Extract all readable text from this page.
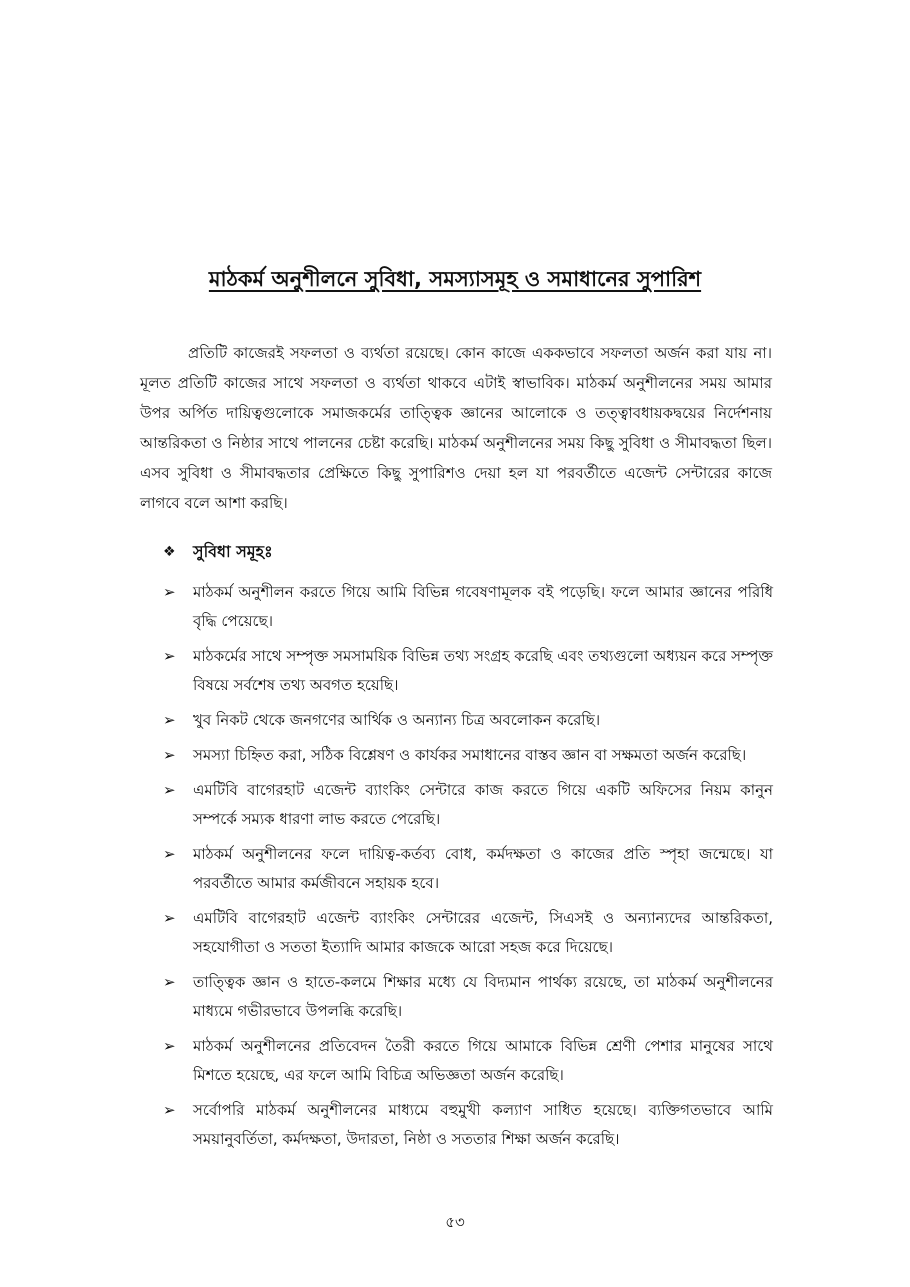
মাঠকর্ম অনুশীলনে সুবিধা, সমস্যাসমূহ ও সমাধানের সুপারিশ

প্রতিটি কাজেরই সফলতা ও ব্যর্থতা রয়েছে। কোন কাজে এককভাবে সফলতা অর্জন করা যায় না। মূলত প্রতিটি কাজের সাথে সফলতা ও ব্যর্থতা থাকবে এটাই স্বাভাবিক। মাঠকর্ম অনুশীলনের সময় আমার উপর অর্পিত দায়িত্বগুলোকে সমাজকর্মের তাত্ত্বিক জ্ঞানের আলোকে ও তত্ত্বাবধায়কদ্বয়ের নির্দেশনায় আন্তরিকতা ও নিষ্ঠার সাথে পালনের চেষ্টা করেছি। মাঠকর্ম অনুশীলনের সময় কিছু সুবিধা ও সীমাবদ্ধতা ছিল। এসব সুবিধা ও সীমাবদ্ধতার প্রেক্ষিতে কিছু সুপারিশও দেয়া হল যা পরবর্তীতে এজেন্ট সেন্টারের কাজে লাগবে বলে আশা করছি।

❖	সুবিধা সমূহঃ
➢	মাঠকর্ম অনুশীলন করতে গিয়ে আমি বিভিন্ন গবেষণামূলক বই পড়েছি। ফলে আমার জ্ঞানের পরিধি বৃদ্ধি পেয়েছে।
➢	মাঠকর্মের সাথে সম্পৃক্ত সমসাময়িক বিভিন্ন তথ্য সংগ্রহ করেছি এবং তথ্যগুলো অধ্যয়ন করে সম্পৃক্ত বিষয়ে সর্বশেষ তথ্য অবগত হয়েছি।
➢	খুব নিকট থেকে জনগণের আর্থিক ও অন্যান্য চিত্র অবলোকন করেছি।
➢	সমস্যা চিহ্নিত করা, সঠিক বিশ্লেষণ ও কার্যকর সমাধানের বাস্তব জ্ঞান বা সক্ষমতা অর্জন করেছি।
➢	এমটিবি বাগেরহাট এজেন্ট ব্যাংকিং সেন্টারে কাজ করতে গিয়ে একটি অফিসের নিয়ম কানুন সম্পর্কে সম্যক ধারণা লাভ করতে পেরেছি।
➢	মাঠকর্ম অনুশীলনের ফলে দায়িত্ব-কর্তব্য বোধ, কর্মদক্ষতা ও কাজের প্রতি স্পৃহা জন্মেছে। যা পরবর্তীতে আমার কর্মজীবনে সহায়ক হবে।
➢	এমটিবি বাগেরহাট এজেন্ট ব্যাংকিং সেন্টারের এজেন্ট, সিএসই ও অন্যান্যদের আন্তরিকতা, সহযোগীতা ও সততা ইত্যাদি আমার কাজকে আরো সহজ করে দিয়েছে।
➢	তাত্ত্বিক জ্ঞান ও হাতে-কলমে শিক্ষার মধ্যে যে বিদ্যমান পার্থক্য রয়েছে, তা মাঠকর্ম অনুশীলনের মাধ্যমে গভীরভাবে উপলব্ধি করেছি।
➢	মাঠকর্ম অনুশীলনের প্রতিবেদন তৈরী করতে গিয়ে আমাকে বিভিন্ন শ্রেণী পেশার মানুষের সাথে মিশতে হয়েছে, এর ফলে আমি বিচিত্র অভিজ্ঞতা অর্জন করেছি।
➢	সর্বোপরি মাঠকর্ম অনুশীলনের মাধ্যমে বহুমুখী কল্যাণ সাধিত হয়েছে। ব্যক্তিগতভাবে আমি সময়ানুবর্তিতা, কর্মদক্ষতা, উদারতা, নিষ্ঠা ও সততার শিক্ষা অর্জন করেছি।
৫৩
